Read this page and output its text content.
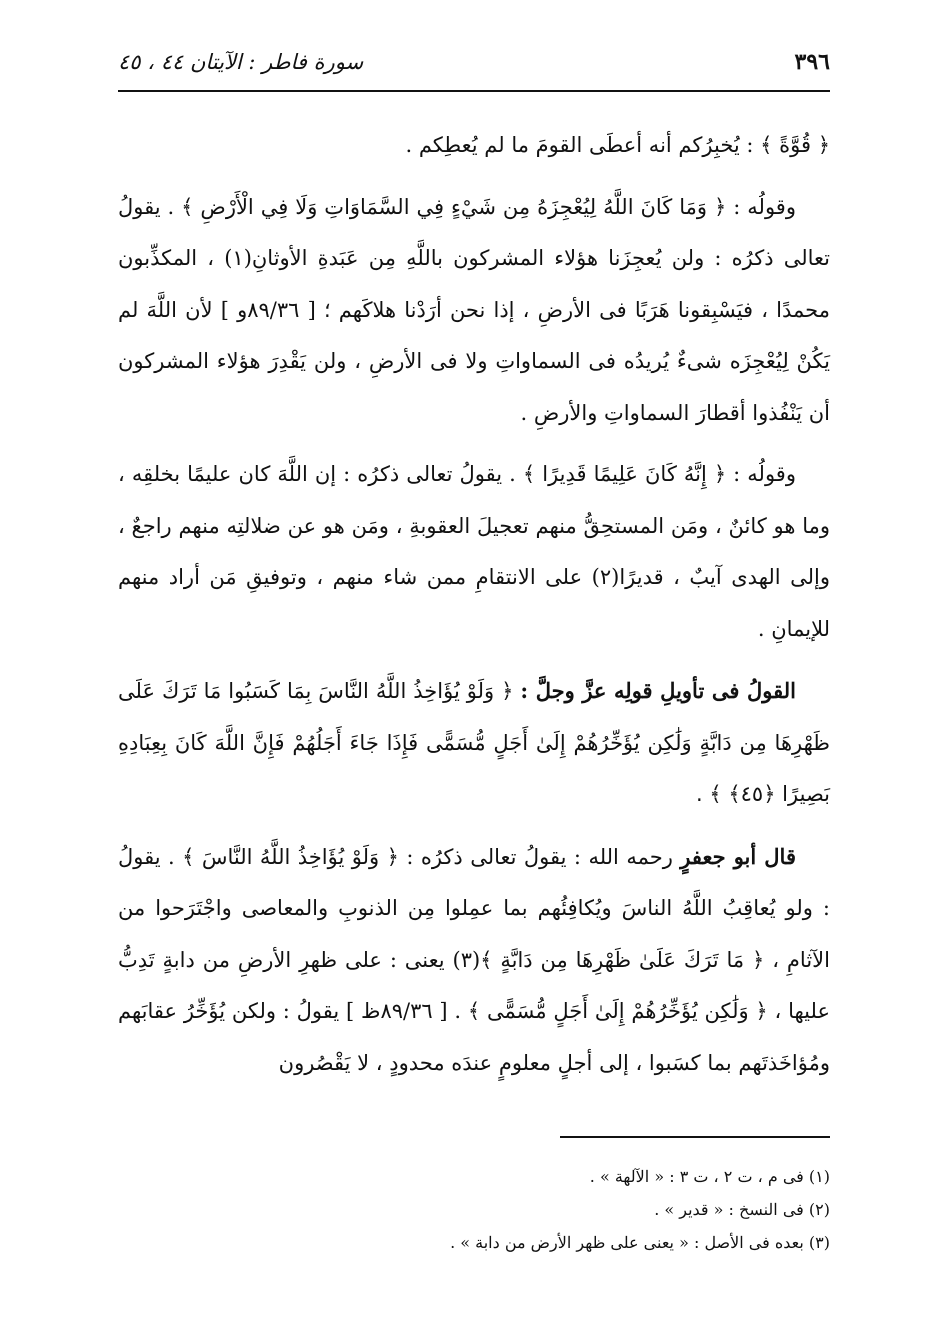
٣٩٦
سورة فاطر : الآيتان ٤٤ ، ٤٥

﴿ قُوَّةً ﴾ : يُخبِرُكم أنه أعطَى القومَ ما لم يُعطِكم .

وقولُه : ﴿ وَمَا كَانَ اللَّهُ لِيُعْجِزَهُ مِن شَيْءٍ فِي السَّمَاوَاتِ وَلَا فِي الْأَرْضِ ﴾ . يقولُ تعالى ذكرُه : ولن يُعجِزَنا هؤلاء المشركون باللَّهِ مِن عَبَدةِ الأوثانِ(١) ، المكذِّبون محمدًا ، فيَسْبِقونا هَرَبًا فى الأرضِ ، إذا نحن أرَدْنا هلاكَهم ؛ [ ٨٩/٣٦و ] لأن اللَّهَ لم يَكُنْ لِيُعْجِزَه شىءٌ يُريدُه فى السماواتِ ولا فى الأرضِ ، ولن يَقْدِرَ هؤلاء المشركون أن يَنْفُذوا أقطارَ السماواتِ والأرضِ .

وقولُه : ﴿ إِنَّهُ كَانَ عَلِيمًا قَدِيرًا ﴾ . يقولُ تعالى ذكرُه : إن اللَّهَ كان عليمًا بخلقِه ، وما هو كائنٌ ، ومَن المستحِقُّ منهم تعجيلَ العقوبةِ ، ومَن هو عن ضلالتِه منهم راجعٌ ، وإلى الهدى آيبٌ ، قديرًا(٢) على الانتقامِ ممن شاء منهم ، وتوفيقِ مَن أراد منهم للإيمانِ .

القولُ فى تأويلِ قولِه عزَّ وجلَّ : ﴿ وَلَوْ يُؤَاخِذُ اللَّهُ النَّاسَ بِمَا كَسَبُوا مَا تَرَكَ عَلَى ظَهْرِهَا مِن دَابَّةٍ وَلَٰكِن يُؤَخِّرُهُمْ إِلَىٰ أَجَلٍ مُّسَمًّى فَإِذَا جَاءَ أَجَلُهُمْ فَإِنَّ اللَّهَ كَانَ بِعِبَادِهِ بَصِيرًا ﴿٤٥﴾ ﴾ .

قال أبو جعفرٍ رحمه الله : يقولُ تعالى ذكرُه : ﴿ وَلَوْ يُؤَاخِذُ اللَّهُ النَّاسَ ﴾ . يقولُ : ولو يُعاقِبُ اللَّهُ الناسَ ويُكافِئُهم بما عمِلوا مِن الذنوبِ والمعاصى واجْتَرَحوا من الآثامِ ، ﴿ مَا تَرَكَ عَلَىٰ ظَهْرِهَا مِن دَابَّةٍ ﴾(٣) يعنى : على ظهرِ الأرضِ من دابةٍ تَدِبُّ عليها ، ﴿ وَلَٰكِن يُؤَخِّرُهُمْ إِلَىٰ أَجَلٍ مُّسَمًّى ﴾ . [ ٨٩/٣٦ظ ] يقولُ : ولكن يُؤَخِّرُ عقابَهم ومُؤاخَذتَهم بما كسَبوا ، إلى أجلٍ معلومٍ عندَه محدودٍ ، لا يَقْصُرون

(١) فى م ، ت ٢ ، ت ٣ : « الآلهة » .
(٢) فى النسخ : « قدير » .
(٣) بعده فى الأصل : « يعنى على ظهر الأرض من دابة » .
